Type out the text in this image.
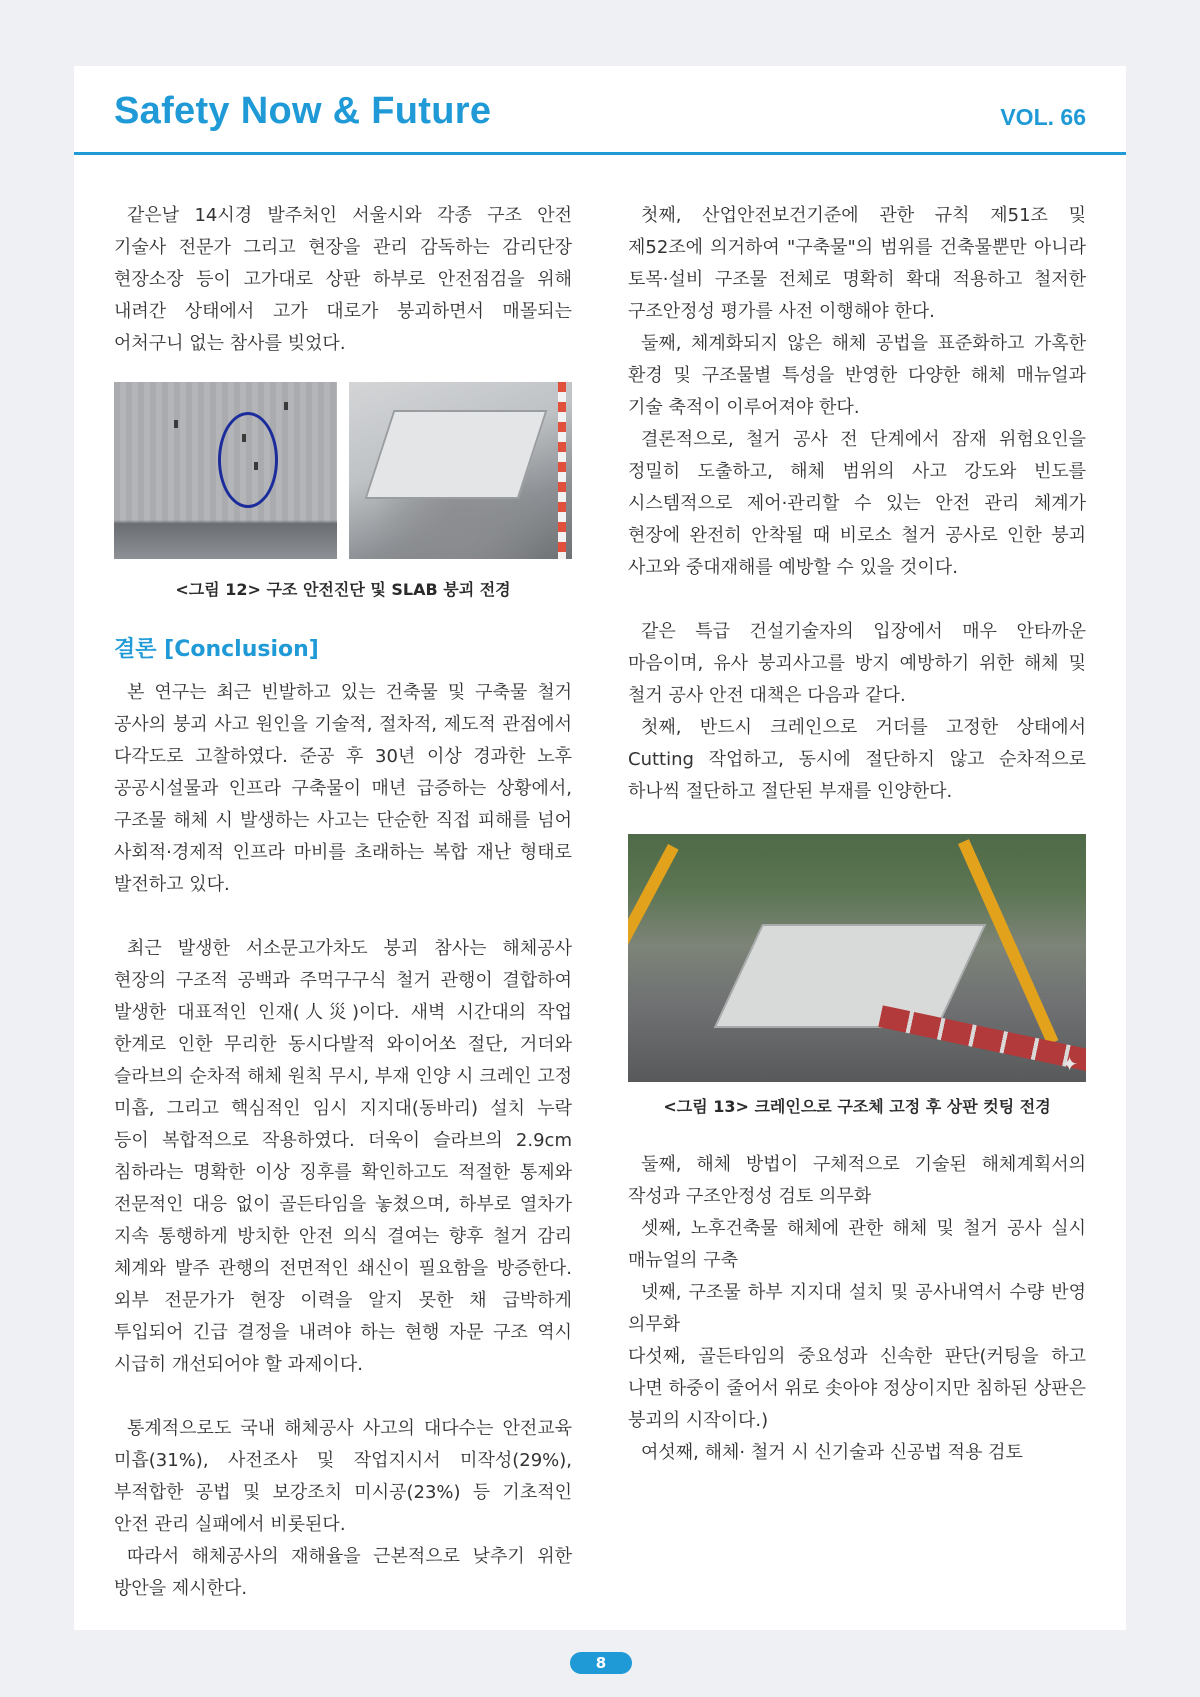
Safety Now & Future	VOL. 66

같은날 14시경 발주처인 서울시와 각종 구조 안전 기술사 전문가 그리고 현장을 관리 감독하는 감리단장 현장소장 등이 고가대로 상판 하부로 안전점검을 위해 내려간 상태에서 고가 대로가 붕괴하면서 매몰되는 어처구니 없는 참사를 빚었다.

<그림 12> 구조 안전진단 및 SLAB 붕괴 전경
결론 [Conclusion]

본 연구는 최근 빈발하고 있는 건축물 및 구축물 철거 공사의 붕괴 사고 원인을 기술적, 절차적, 제도적 관점에서 다각도로 고찰하였다. 준공 후 30년 이상 경과한 노후 공공시설물과 인프라 구축물이 매년 급증하는 상황에서, 구조물 해체 시 발생하는 사고는 단순한 직접 피해를 넘어 사회적·경제적 인프라 마비를 초래하는 복합 재난 형태로 발전하고 있다.

최근 발생한 서소문고가차도 붕괴 참사는 해체공사 현장의 구조적 공백과 주먹구구식 철거 관행이 결합하여 발생한 대표적인 인재(人災)이다. 새벽 시간대의 작업 한계로 인한 무리한 동시다발적 와이어쏘 절단, 거더와 슬라브의 순차적 해체 원칙 무시, 부재 인양 시 크레인 고정 미흡, 그리고 핵심적인 임시 지지대(동바리) 설치 누락 등이 복합적으로 작용하였다. 더욱이 슬라브의 2.9cm 침하라는 명확한 이상 징후를 확인하고도 적절한 통제와 전문적인 대응 없이 골든타임을 놓쳤으며, 하부로 열차가 지속 통행하게 방치한 안전 의식 결여는 향후 철거 감리 체계와 발주 관행의 전면적인 쇄신이 필요함을 방증한다. 외부 전문가가 현장 이력을 알지 못한 채 급박하게 투입되어 긴급 결정을 내려야 하는 현행 자문 구조 역시 시급히 개선되어야 할 과제이다.

통계적으로도 국내 해체공사 사고의 대다수는 안전교육 미흡(31%), 사전조사 및 작업지시서 미작성(29%), 부적합한 공법 및 보강조치 미시공(23%) 등 기초적인 안전 관리 실패에서 비롯된다.

따라서 해체공사의 재해율을 근본적으로 낮추기 위한 방안을 제시한다.

첫째, 산업안전보건기준에 관한 규칙 제51조 및 제52조에 의거하여 "구축물"의 범위를 건축물뿐만 아니라 토목·설비 구조물 전체로 명확히 확대 적용하고 철저한 구조안정성 평가를 사전 이행해야 한다.

둘째, 체계화되지 않은 해체 공법을 표준화하고 가혹한 환경 및 구조물별 특성을 반영한 다양한 해체 매뉴얼과 기술 축적이 이루어져야 한다.

결론적으로, 철거 공사 전 단계에서 잠재 위험요인을 정밀히 도출하고, 해체 범위의 사고 강도와 빈도를 시스템적으로 제어·관리할 수 있는 안전 관리 체계가 현장에 완전히 안착될 때 비로소 철거 공사로 인한 붕괴 사고와 중대재해를 예방할 수 있을 것이다.

같은 특급 건설기술자의 입장에서 매우 안타까운 마음이며, 유사 붕괴사고를 방지 예방하기 위한 해체 및 철거 공사 안전 대책은 다음과 같다.

첫째, 반드시 크레인으로 거더를 고정한 상태에서 Cutting 작업하고, 동시에 절단하지 않고 순차적으로 하나씩 절단하고 절단된 부재를 인양한다.

✦
<그림 13> 크레인으로 구조체 고정 후 상판 컷팅 전경

둘째, 해체 방법이 구체적으로 기술된 해체계획서의 작성과 구조안정성 검토 의무화

셋째, 노후건축물 해체에 관한 해체 및 철거 공사 실시 매뉴얼의 구축

넷째, 구조물 하부 지지대 설치 및 공사내역서 수량 반영 의무화

다섯째, 골든타임의 중요성과 신속한 판단(커팅을 하고 나면 하중이 줄어서 위로 솟아야 정상이지만 침하된 상판은 붕괴의 시작이다.)

여섯째, 해체· 철거 시 신기술과 신공법 적용 검토

8
